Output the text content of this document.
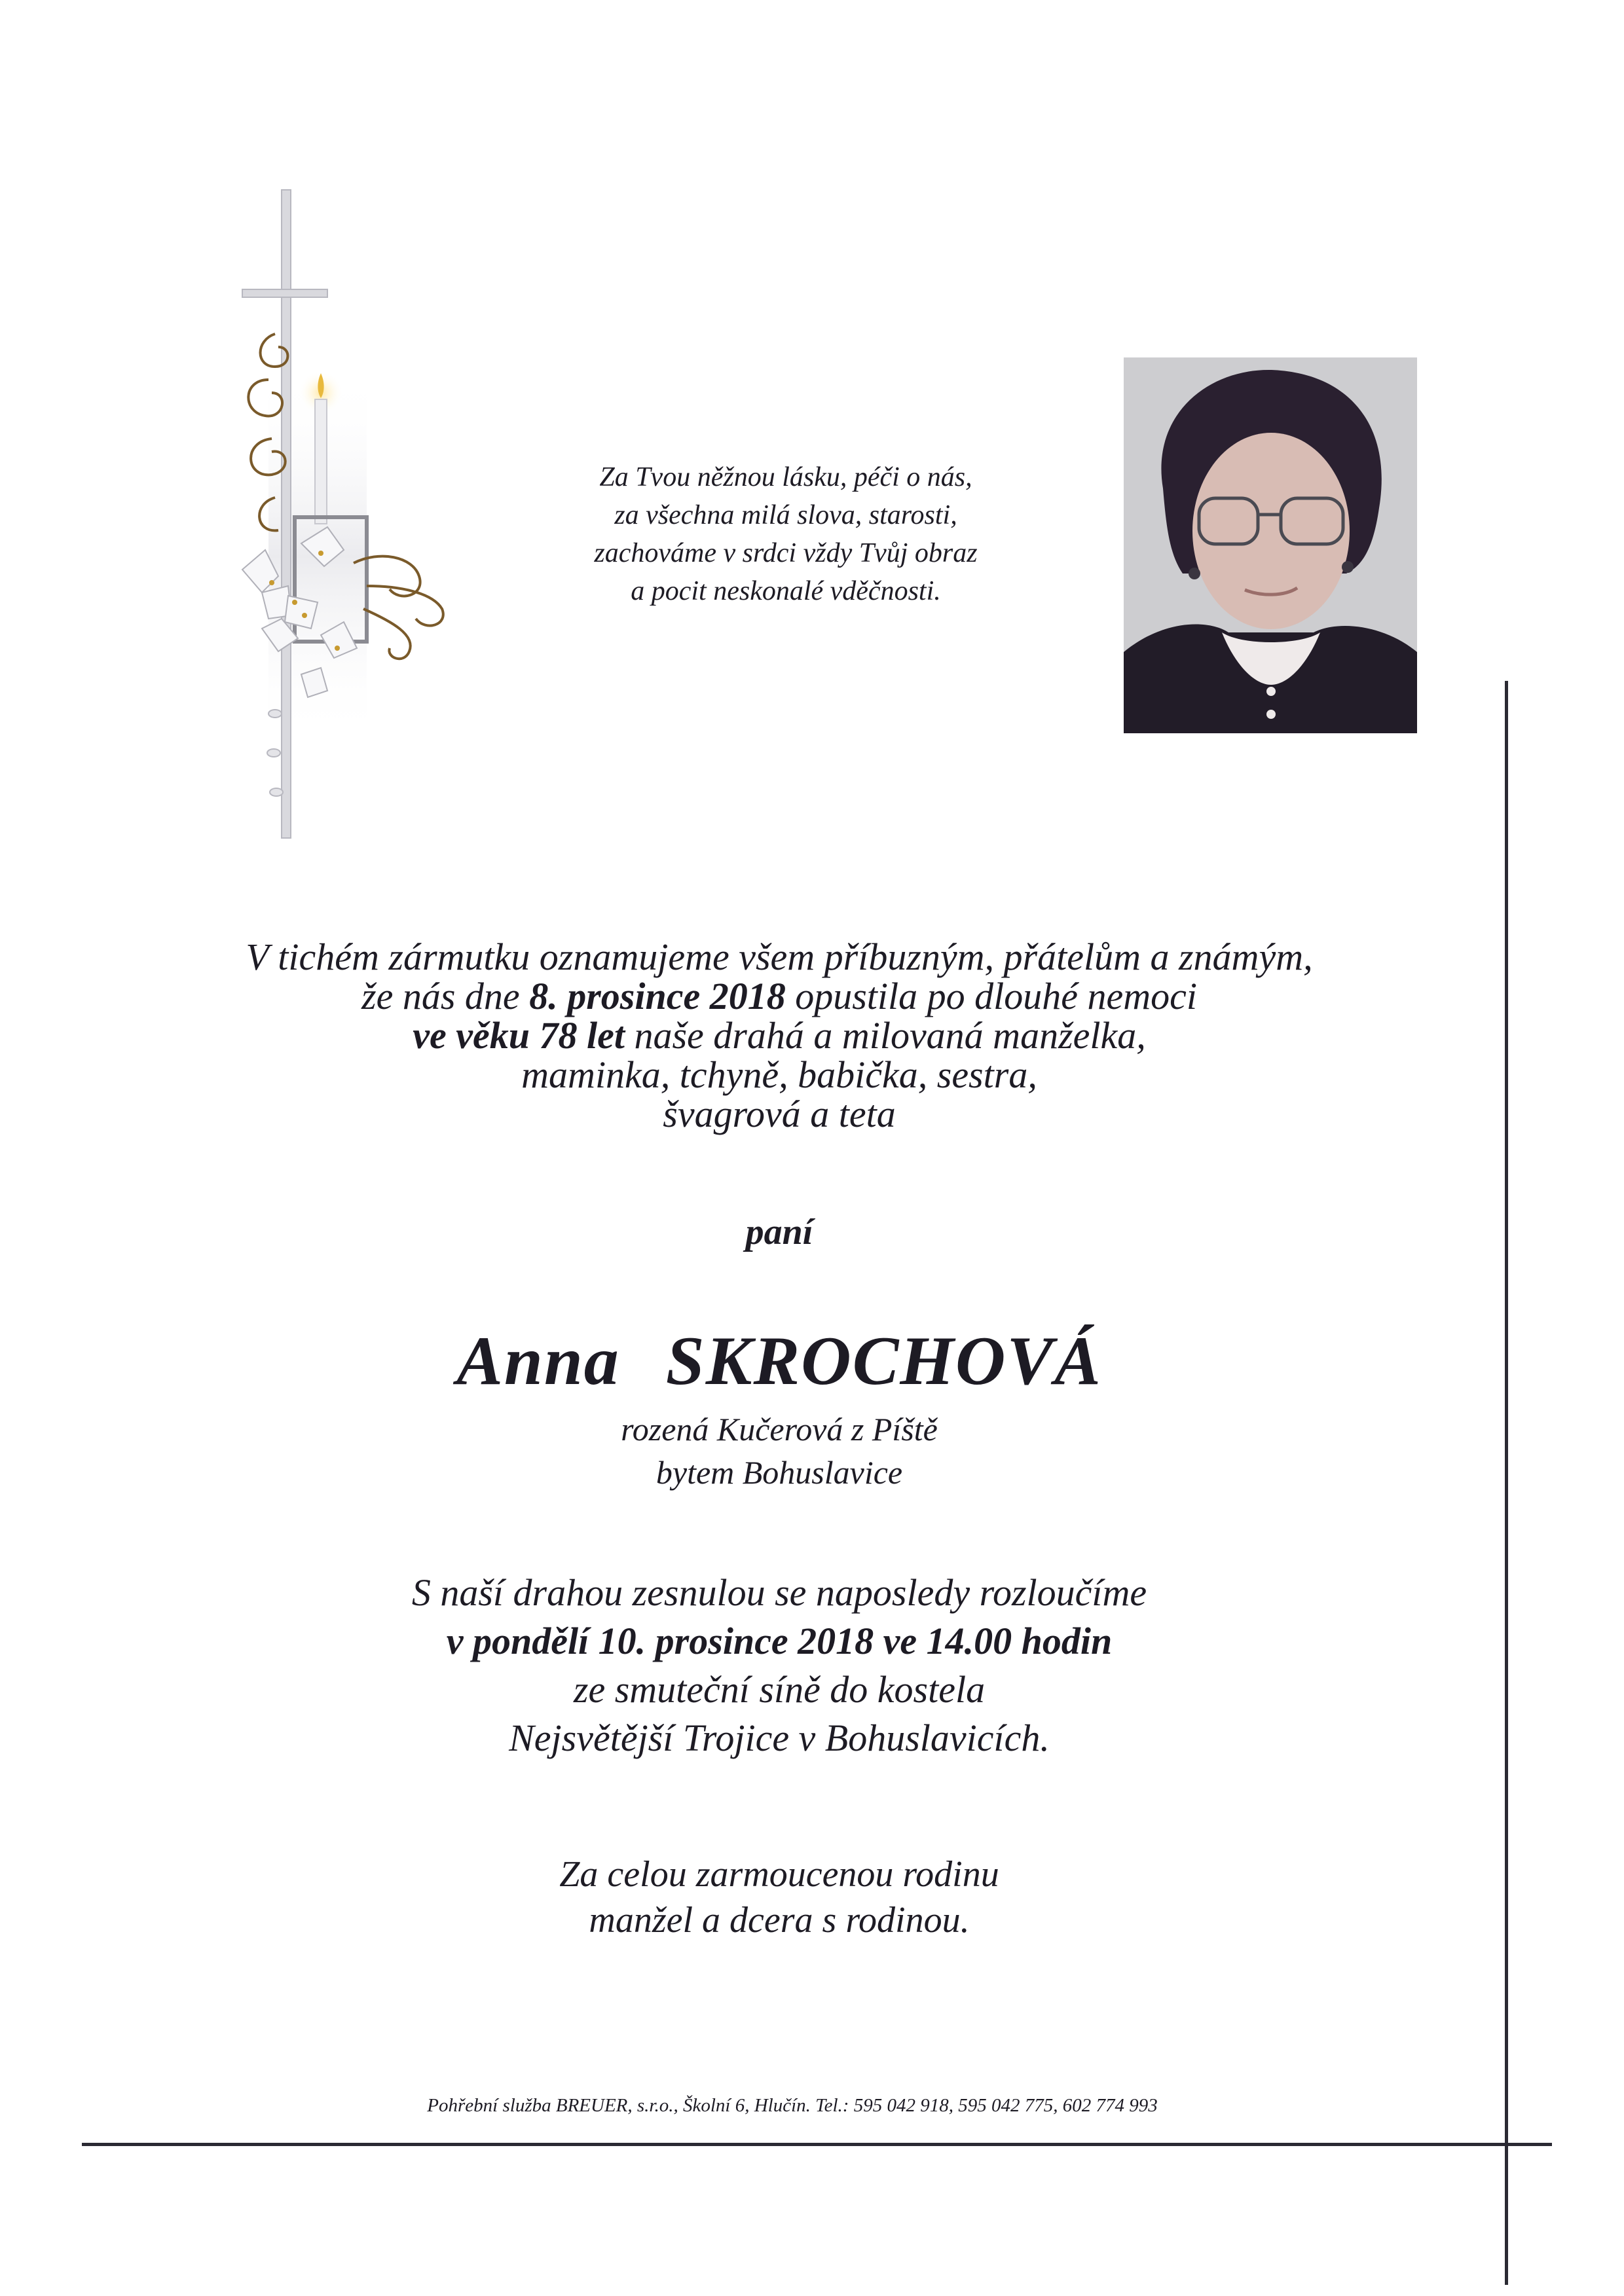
Za Tvou něžnou lásku, péči o nás,
za všechna milá slova, starosti,
zachováme v srdci vždy Tvůj obraz
a pocit neskonalé vděčnosti.
V tichém zármutku oznamujeme všem příbuzným, přátelům a známým,
že nás dne 8. prosince 2018 opustila po dlouhé nemoci
ve věku 78 let naše drahá a milovaná manželka,
maminka, tchyně, babička, sestra,
švagrová a teta
paní
Anna SKROCHOVÁ
rozená Kučerová z Píště
bytem Bohuslavice
S naší drahou zesnulou se naposledy rozloučíme
v pondělí 10. prosince 2018 ve 14.00 hodin
ze smuteční síně do kostela
Nejsvětější Trojice v Bohuslavicích.
Za celou zarmoucenou rodinu
manžel a dcera s rodinou.
Pohřební služba BREUER, s.r.o., Školní 6, Hlučín. Tel.: 595 042 918, 595 042 775, 602 774 993
